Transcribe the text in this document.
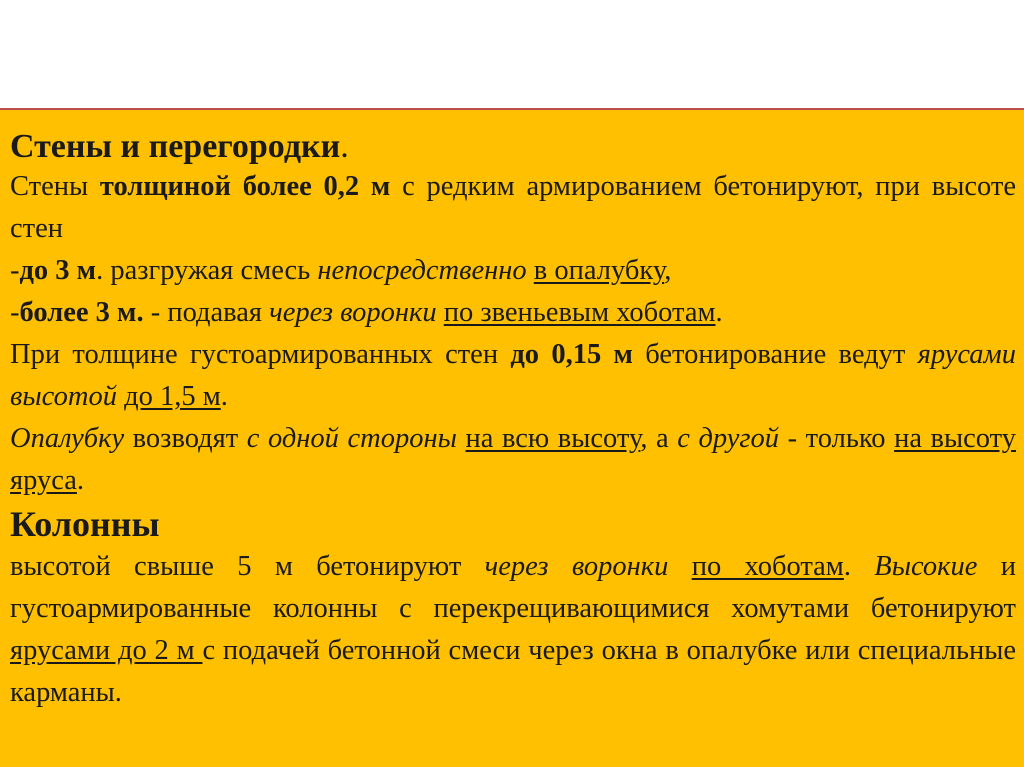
Стены и перегородки.

Стены толщиной более 0,2 м с редким армированием бетонируют, при высоте стен

-до 3 м. разгружая смесь непосредственно в опалубку,

-более 3 м. - подавая через воронки по звеньевым хоботам.

При толщине густоармированных стен до 0,15 м бетонирование ведут ярусами высотой до 1,5 м.

Опалубку возводят с одной стороны на всю высоту, а с другой - только на высоту яруса.

Колонны

высотой свыше 5 м бетонируют через воронки по хоботам. Высокие и густоармированные колонны с перекрещивающимися хомутами бетонируют ярусами до 2 м с подачей бетонной смеси через окна в опалубке или специальные карманы.
